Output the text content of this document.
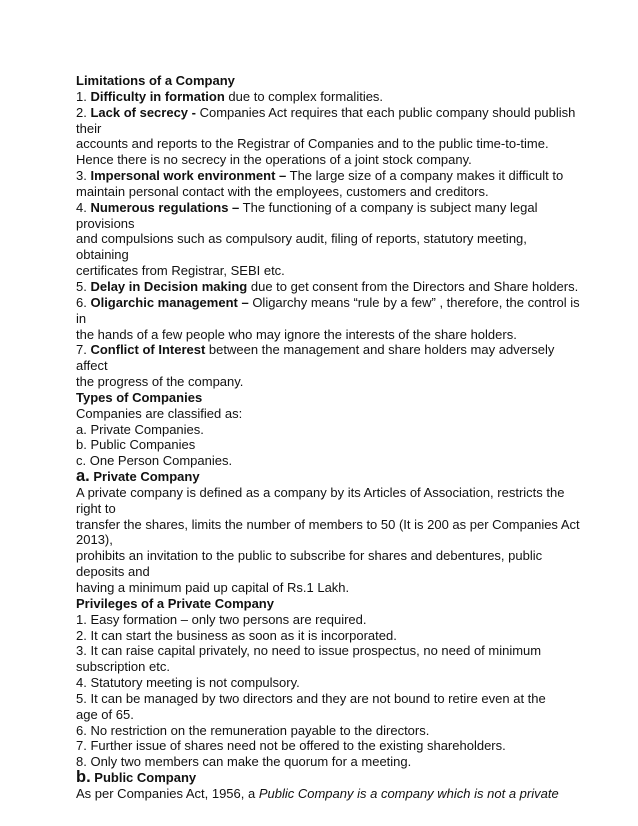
Limitations of a Company
1. Difficulty in formation due to complex formalities.
2. Lack of secrecy - Companies Act requires that each public company should publish
their
accounts and reports to the Registrar of Companies and to the public time-to-time.
Hence there is no secrecy in the operations of a joint stock company.
3. Impersonal work environment – The large size of a company makes it difficult to
maintain personal contact with the employees, customers and creditors.
4. Numerous regulations – The functioning of a company is subject many legal
provisions
and compulsions such as compulsory audit, filing of reports, statutory meeting,
obtaining
certificates from Registrar, SEBI etc.
5. Delay in Decision making due to get consent from the Directors and Share holders.
6. Oligarchic management – Oligarchy means “rule by a few” , therefore, the control is
in
the hands of a few people who may ignore the interests of the share holders.
7. Conflict of Interest between the management and share holders may adversely
affect
the progress of the company.
Types of Companies
Companies are classified as:
a. Private Companies.
b. Public Companies
c. One Person Companies.
a. Private Company
A private company is defined as a company by its Articles of Association, restricts the
right to
transfer the shares, limits the number of members to 50 (It is 200 as per Companies Act
2013),
prohibits an invitation to the public to subscribe for shares and debentures, public
deposits and
having a minimum paid up capital of Rs.1 Lakh.
Privileges of a Private Company
1. Easy formation – only two persons are required.
2. It can start the business as soon as it is incorporated.
3. It can raise capital privately, no need to issue prospectus, no need of minimum
subscription etc.
4. Statutory meeting is not compulsory.
5. It can be managed by two directors and they are not bound to retire even at the
age of 65.
6. No restriction on the remuneration payable to the directors.
7. Further issue of shares need not be offered to the existing shareholders.
8. Only two members can make the quorum for a meeting.
b. Public Company
As per Companies Act, 1956, a Public Company is a company which is not a private
